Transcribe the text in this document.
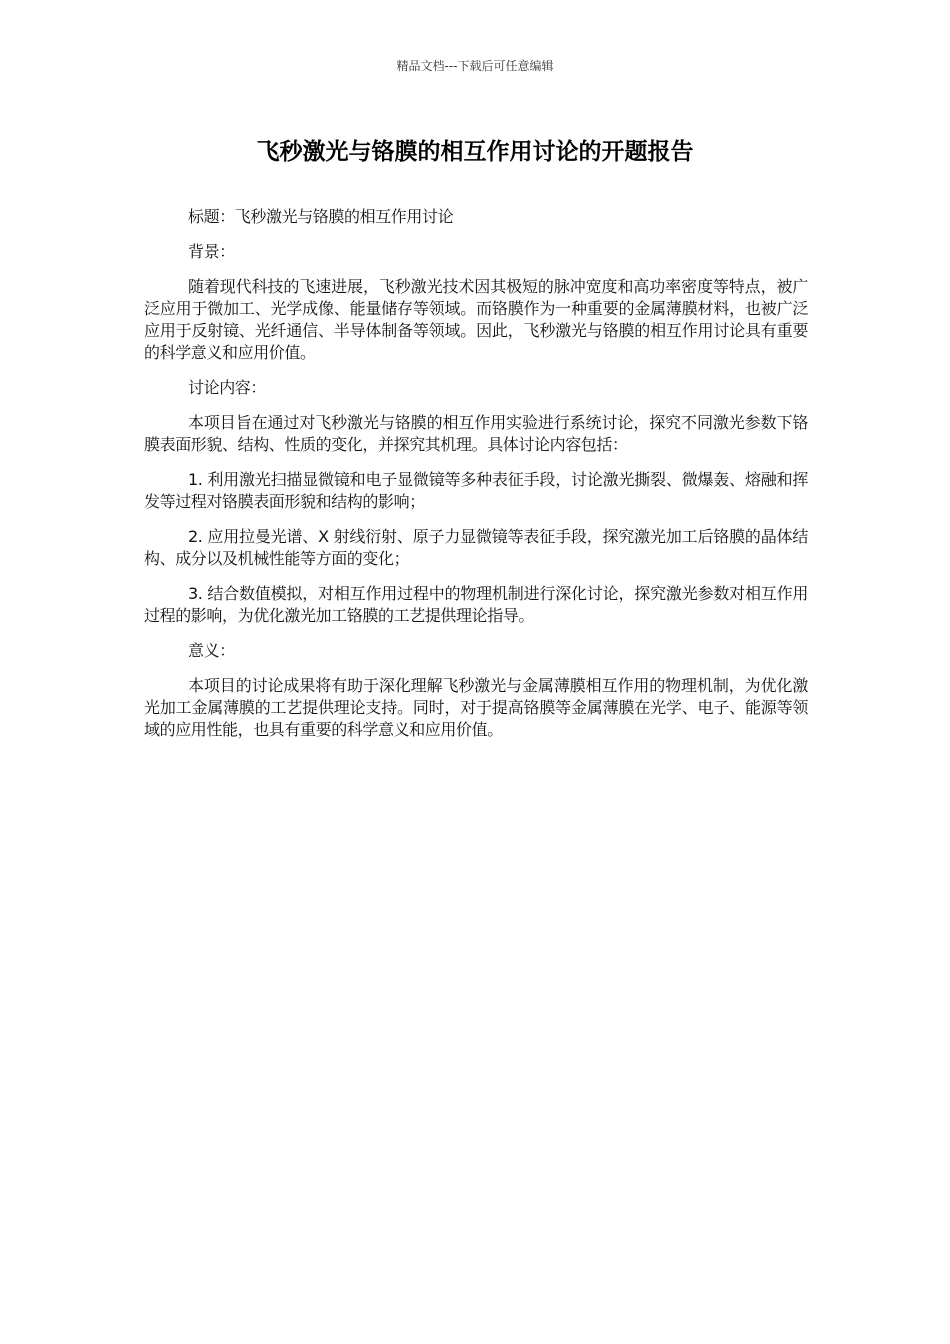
精品文档---下载后可任意编辑
飞秒激光与铬膜的相互作用讨论的开题报告

标题：飞秒激光与铬膜的相互作用讨论

背景：

随着现代科技的飞速进展，飞秒激光技术因其极短的脉冲宽度和高功率密度等特点，被广泛应用于微加工、光学成像、能量储存等领域。而铬膜作为一种重要的金属薄膜材料，也被广泛应用于反射镜、光纤通信、半导体制备等领域。因此，飞秒激光与铬膜的相互作用讨论具有重要的科学意义和应用价值。

讨论内容：

本项目旨在通过对飞秒激光与铬膜的相互作用实验进行系统讨论，探究不同激光参数下铬膜表面形貌、结构、性质的变化，并探究其机理。具体讨论内容包括：

1. 利用激光扫描显微镜和电子显微镜等多种表征手段，讨论激光撕裂、微爆轰、熔融和挥发等过程对铬膜表面形貌和结构的影响；

2. 应用拉曼光谱、X 射线衍射、原子力显微镜等表征手段，探究激光加工后铬膜的晶体结构、成分以及机械性能等方面的变化；

3. 结合数值模拟，对相互作用过程中的物理机制进行深化讨论，探究激光参数对相互作用过程的影响，为优化激光加工铬膜的工艺提供理论指导。

意义：

本项目的讨论成果将有助于深化理解飞秒激光与金属薄膜相互作用的物理机制，为优化激光加工金属薄膜的工艺提供理论支持。同时，对于提高铬膜等金属薄膜在光学、电子、能源等领域的应用性能，也具有重要的科学意义和应用价值。
